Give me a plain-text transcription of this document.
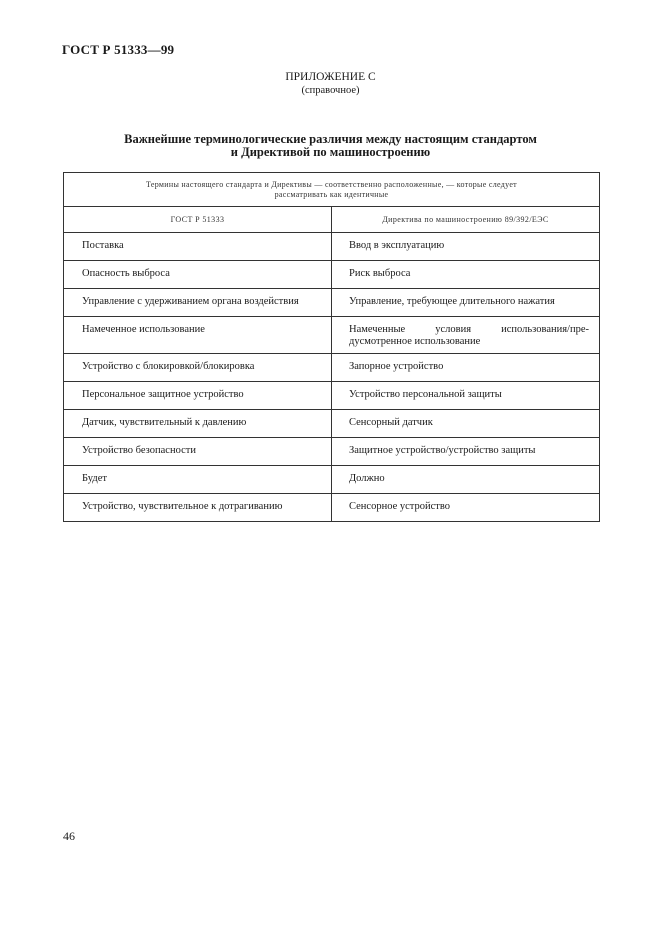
ГОСТ Р 51333—99
ПРИЛОЖЕНИЕ С
(справочное)
Важнейшие терминологические различия между настоящим стандартом
и Директивой по машиностроению
Термины настоящего стандарта и Директивы — соответственно расположенные, — которые следует
рассматривать как идентичные	

ГОСТ Р 51333	Директива по машиностроению 89/392/ЕЭС
Поставка	Ввод в эксплуатацию
Опасность выброса	Риск выброса
Управление с удерживанием органа воздействия	Управление, требующее длительного нажатия
Намеченное использование	Намеченные условия использования/пре-дусмотренное использование
Устройство с блокировкой/блокировка	Запорное устройство
Персональное защитное устройство	Устройство персональной защиты
Датчик, чувствительный к давлению	Сенсорный датчик
Устройство безопасности	Защитное устройство/устройство защиты
Будет	Должно
Устройство, чувствительное к дотрагиванию	Сенсорное устройство
46
